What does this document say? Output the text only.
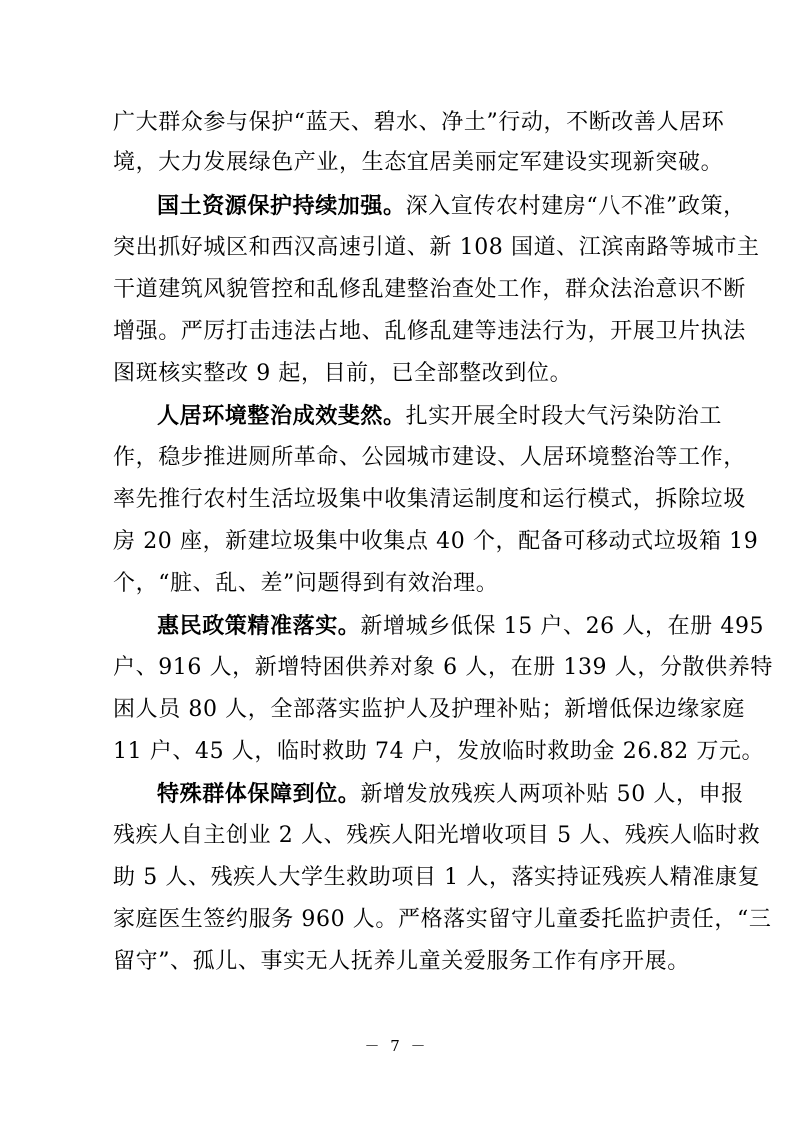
广大群众参与保护“蓝天、碧水、净土”行动，不断改善人居环
境，大力发展绿色产业，生态宜居美丽定军建设实现新突破。
国土资源保护持续加强。深入宣传农村建房“八不准”政策，
突出抓好城区和西汉高速引道、新 108 国道、江滨南路等城市主
干道建筑风貌管控和乱修乱建整治查处工作，群众法治意识不断
增强。严厉打击违法占地、乱修乱建等违法行为，开展卫片执法
图斑核实整改 9 起，目前，已全部整改到位。
人居环境整治成效斐然。扎实开展全时段大气污染防治工
作，稳步推进厕所革命、公园城市建设、人居环境整治等工作，
率先推行农村生活垃圾集中收集清运制度和运行模式，拆除垃圾
房 20 座，新建垃圾集中收集点 40 个，配备可移动式垃圾箱 19
个，“脏、乱、差”问题得到有效治理。
惠民政策精准落实。新增城乡低保 15 户、26 人，在册 495
户、916 人，新增特困供养对象 6 人，在册 139 人，分散供养特
困人员 80 人，全部落实监护人及护理补贴；新增低保边缘家庭
11 户、45 人，临时救助 74 户，发放临时救助金 26.82 万元。
特殊群体保障到位。新增发放残疾人两项补贴 50 人，申报
残疾人自主创业 2 人、残疾人阳光增收项目 5 人、残疾人临时救
助 5 人、残疾人大学生救助项目 1 人，落实持证残疾人精准康复
家庭医生签约服务 960 人。严格落实留守儿童委托监护责任，“三
留守”、孤儿、事实无人抚养儿童关爱服务工作有序开展。
－ 7 －
